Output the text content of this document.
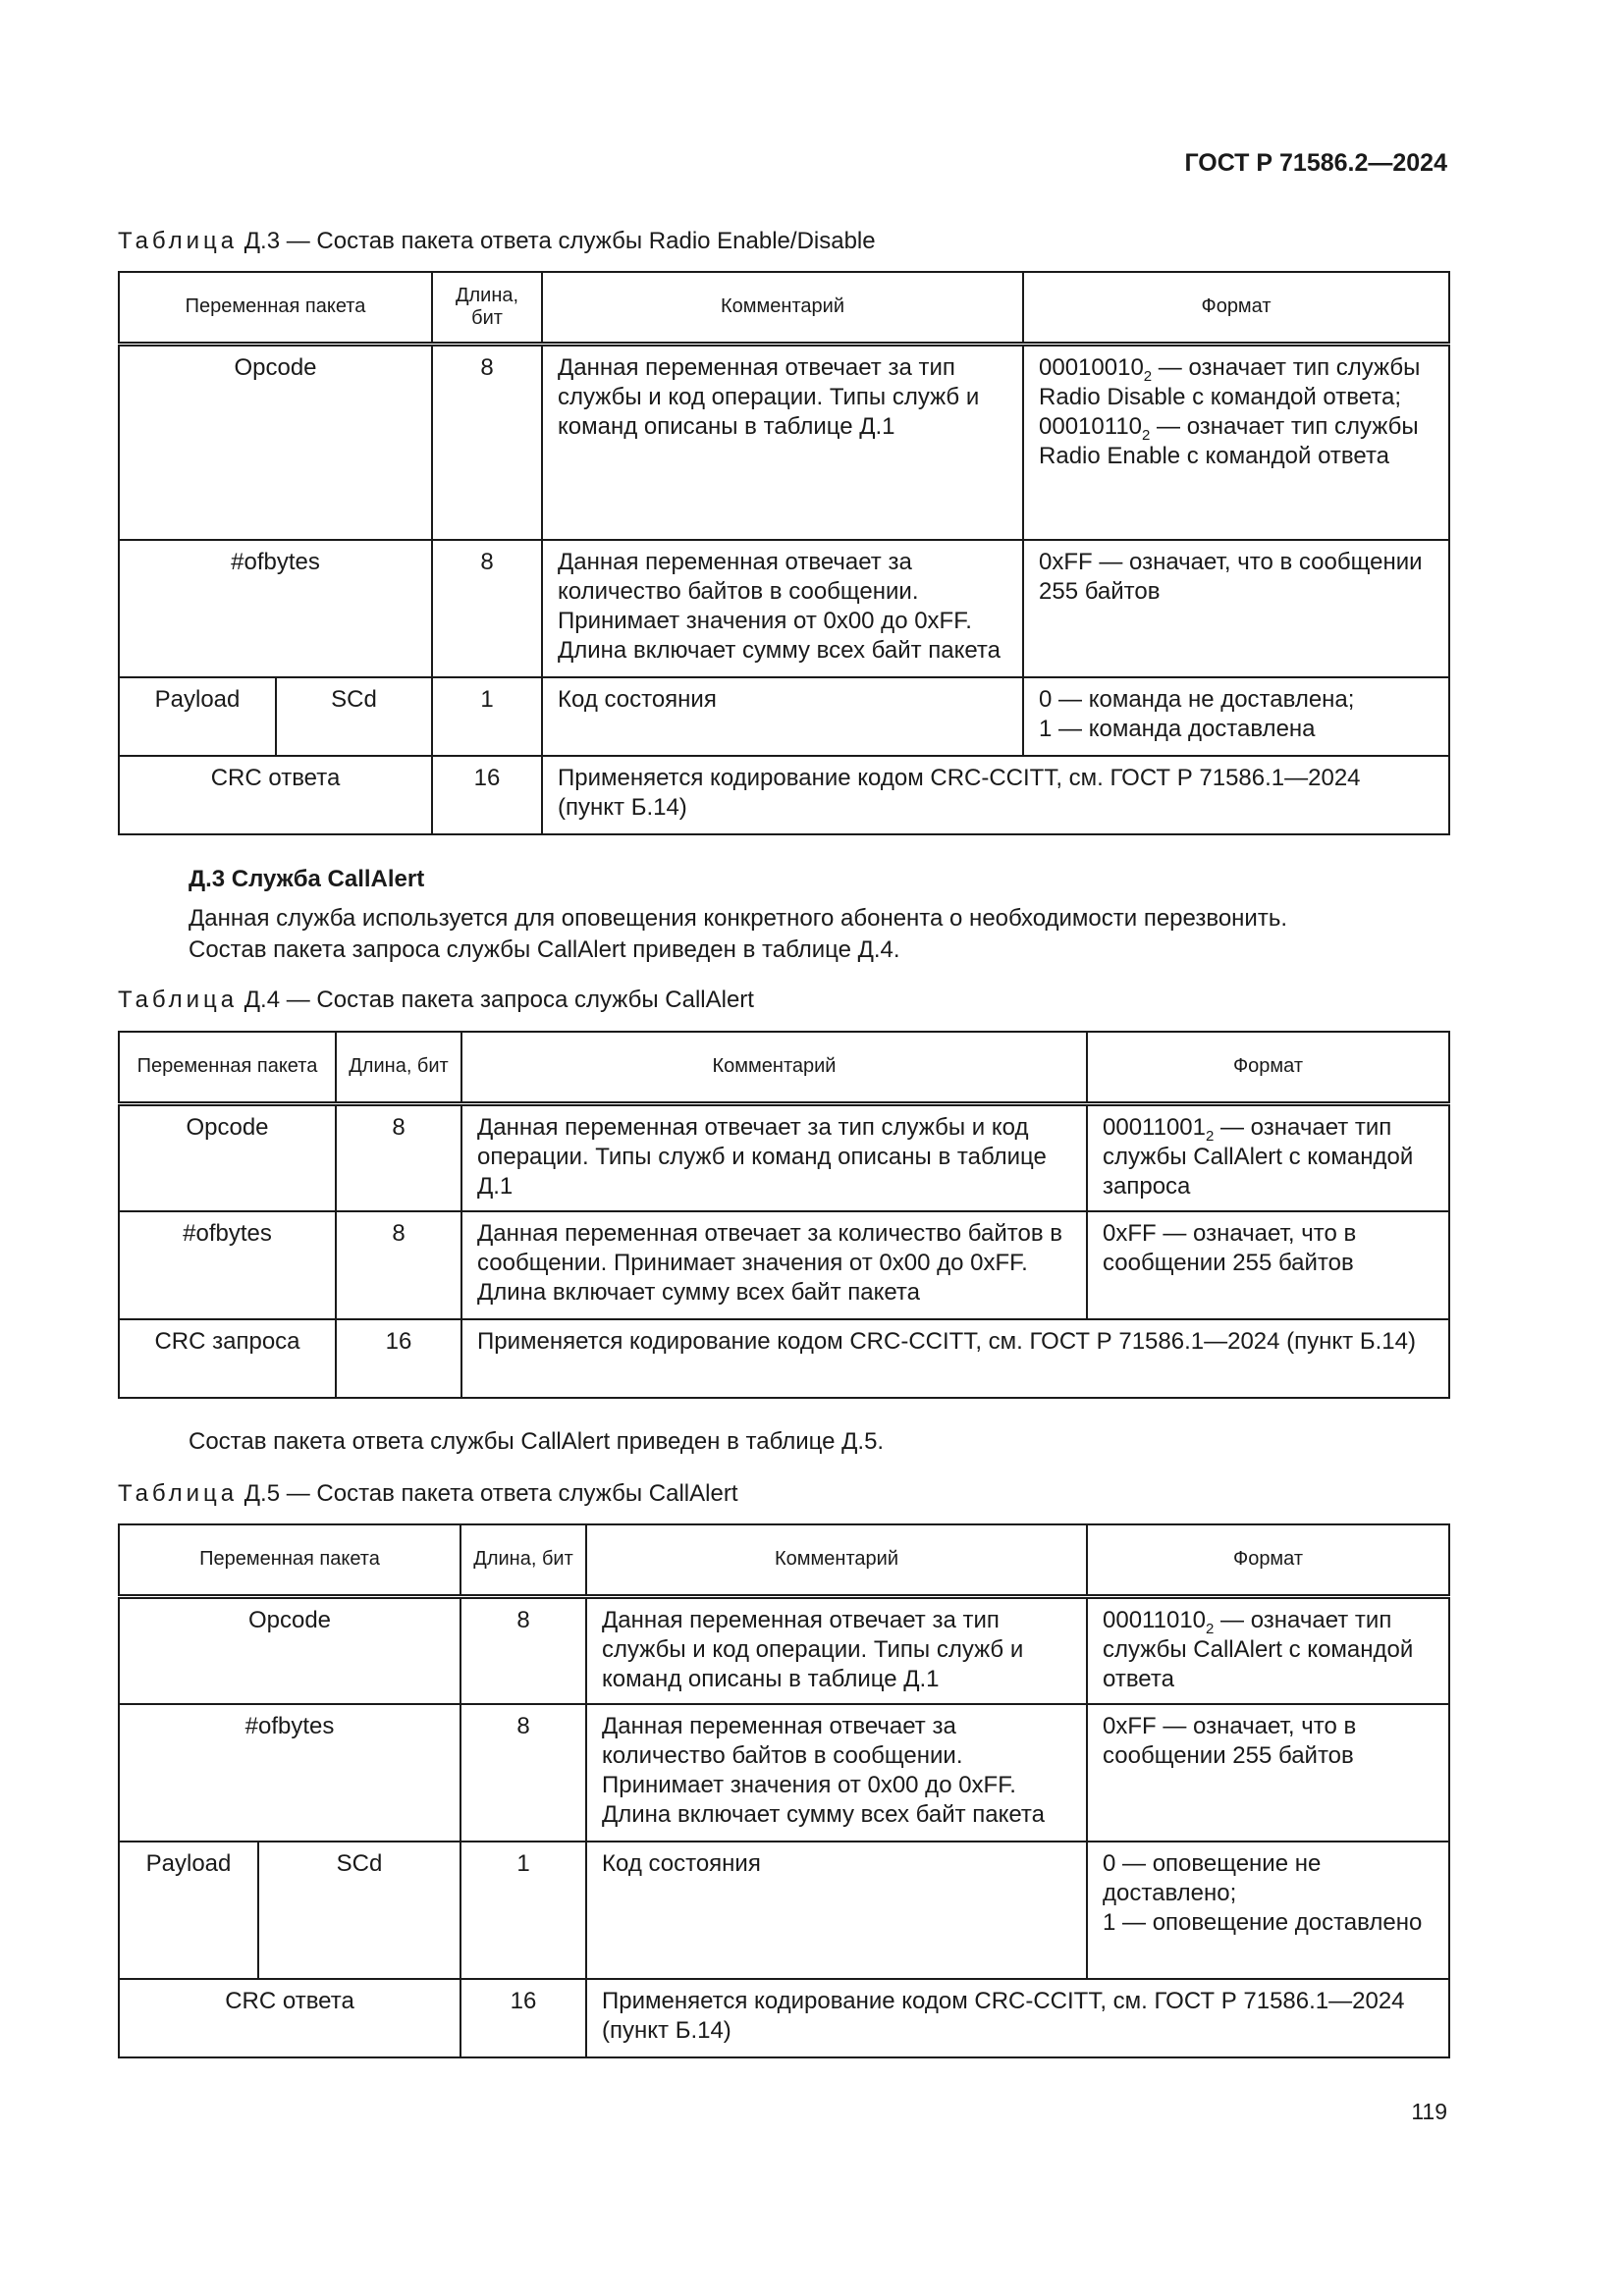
ГОСТ Р 71586.2—2024
Таблица Д.3 — Состав пакета ответа службы Radio Enable/Disable
Переменная пакета		Длина, бит	Комментарий	Формат
Opcode		8	Данная переменная отвечает за тип службы и код операции. Типы служб и команд описаны в таблице Д.1	$00010010_2$ — означает тип службы Radio Disable с командой ответа;
$00010110_2$ — означает тип службы Radio Enable с командой ответа
#ofbytes		8	Данная переменная отвечает за количество байтов в сообщении. Принимает значения от 0x00 до 0xFF. Длина включает сумму всех байт пакета	0xFF — означает, что в сообщении 255 байтов
Payload	SCd	1	Код состояния	0 — команда не доставлена;
1 — команда доставлена
CRC ответа		16	Применяется кодирование кодом CRC-CCITT, см. ГОСТ Р 71586.1—2024 (пункт Б.14)	
Д.3 Служба CallAlert
Данная служба используется для оповещения конкретного абонента о необходимости перезвонить.
Состав пакета запроса службы CallAlert приведен в таблице Д.4.
Таблица Д.4 — Состав пакета запроса службы CallAlert
Переменная пакета	Длина, бит	Комментарий	Формат
Opcode	8	Данная переменная отвечает за тип службы и код операции. Типы служб и команд описаны в таблице Д.1	$00011001_2$ — означает тип службы CallAlert с командой запроса
#ofbytes	8	Данная переменная отвечает за количество байтов в сообщении. Принимает значения от 0x00 до 0xFF. Длина включает сумму всех байт пакета	0xFF — означает, что в сообщении 255 байтов
CRC запроса	16	Применяется кодирование кодом CRC-CCITT, см. ГОСТ Р 71586.1—2024 (пункт Б.14)	
Состав пакета ответа службы CallAlert приведен в таблице Д.5.
Таблица Д.5 — Состав пакета ответа службы CallAlert
Переменная пакета		Длина, бит	Комментарий	Формат
Opcode		8	Данная переменная отвечает за тип службы и код операции. Типы служб и команд описаны в таблице Д.1	$00011010_2$ — означает тип службы CallAlert с командой ответа
#ofbytes		8	Данная переменная отвечает за количество байтов в сообщении. Принимает значения от 0x00 до 0xFF. Длина включает сумму всех байт пакета	0xFF — означает, что в сообщении 255 байтов
Payload	SCd	1	Код состояния	0 — оповещение не доставлено;
1 — оповещение доставлено
CRC ответа		16	Применяется кодирование кодом CRC-CCITT, см. ГОСТ Р 71586.1—2024 (пункт Б.14)	
119
